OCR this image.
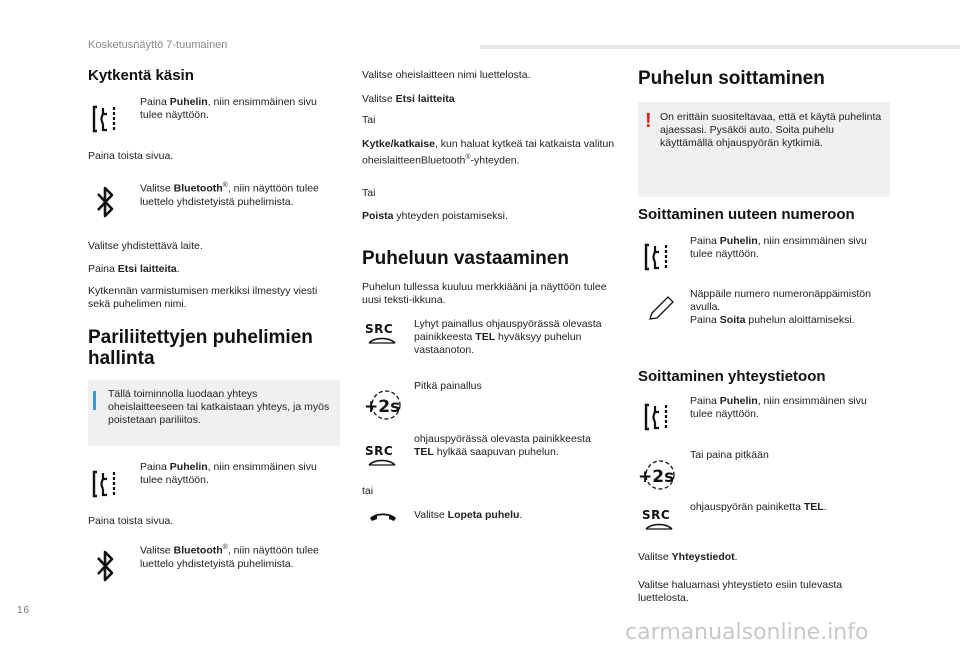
Kosketusnäyttö 7-tuumainen
Kytkentä käsin
Paina Puhelin, niin ensimmäinen sivu tulee näyttöön.
Paina toista sivua.
Valitse Bluetooth®, niin näyttöön tulee luettelo yhdistetyistä puhelimista.
Valitse yhdistettävä laite.
Paina Etsi laitteita.
Kytkennän varmistumisen merkiksi ilmestyy viesti sekä puhelimen nimi.
Pariliitettyjen puhelimien hallinta
Tällä toiminnolla luodaan yhteys oheislaitteeseen tai katkaistaan yhteys, ja myös poistetaan pariliitos.
Paina Puhelin, niin ensimmäinen sivu tulee näyttöön.
Paina toista sivua.
Valitse Bluetooth®, niin näyttöön tulee luettelo yhdistetyistä puhelimista.
Valitse oheislaitteen nimi luettelosta.
Valitse Etsi laitteita
Tai
Kytke/katkaise, kun haluat kytkeä tai katkaista valitun oheislaitteenBluetooth®-yhteyden.
Tai
Poista yhteyden poistamiseksi.
Puheluun vastaaminen
Puhelun tullessa kuuluu merkkiääni ja näyttöön tulee uusi teksti-ikkuna.
SRC	Lyhyt painallus ohjauspyörässä olevasta painikkeesta TEL hyväksyy puhelun vastaanoton.
+2s
Pitkä painallus
SRC
ohjauspyörässä olevasta painikkeesta TEL hylkää saapuvan puhelun.
tai
Valitse Lopeta puhelu.
Puhelun soittaminen
! On erittäin suositeltavaa, että et käytä puhelinta ajaessasi. Pysäköi auto. Soita puhelu käyttämällä ohjauspyörän kytkimiä.
Soittaminen uuteen numeroon
Paina Puhelin, niin ensimmäinen sivu tulee näyttöön.
Näppäile numero numeronäppäimistön avulla.
Paina Soita puhelun aloittamiseksi.
Soittaminen yhteystietoon
Paina Puhelin, niin ensimmäinen sivu tulee näyttöön.
+2s
Tai paina pitkään
SRC
ohjauspyörän painiketta TEL.
Valitse Yhteystiedot.
Valitse haluamasi yhteystieto esiin tulevasta luettelosta.
16
carmanualsonline.info
